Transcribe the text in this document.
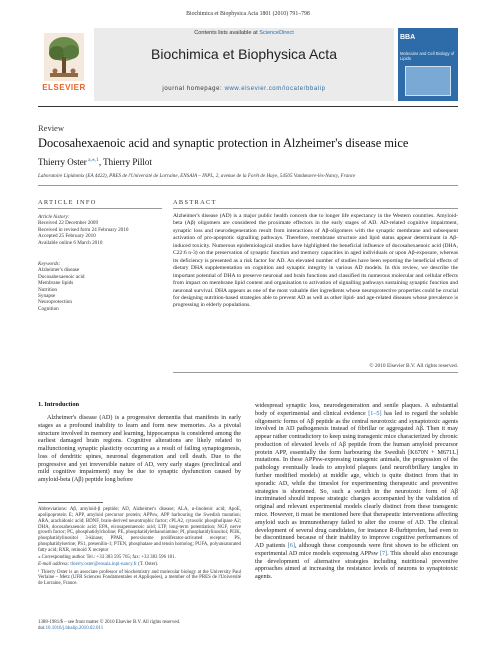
Biochimica et Biophysica Acta 1801 (2010) 791–798
ELSEVIER
Contents lists available at ScienceDirect
Biochimica et Biophysica Acta
journal homepage: www.elsevier.com/locate/bbalip
BBA
Molecular and Cell Biology of Lipids
Review
Docosahexaenoic acid and synaptic protection in Alzheimer's disease mice
Thierry Oster $^{a,⁎,1}$, Thierry Pillot
Laboratoire Lipidomix (EA 4422), PRES de l'Université de Lorraine, ENSAIA – INPL, 2, avenue de la Forêt de Haye, 54505 Vandœuvre-lès-Nancy, France
ARTICLE INFO
Article history:
Received 22 December 2009
Received in revised form 24 February 2010
Accepted 25 February 2010
Available online 6 March 2010
Keywords:
Alzheimer's disease
Docosahexaenoic acid
Membrane lipids
Nutrition
Synapse
Neuroprotection
Cognition
ABSTRACT
Alzheimer's disease (AD) is a major public health concern due to longer life expectancy in the Western countries. Amyloid-beta (Aβ) oligomers are considered the proximate effectors in the early stages of AD. AD-related cognitive impairment, synaptic loss and neurodegeneration result from interactions of Aβ-oligomers with the synaptic membrane and subsequent activation of pro-apoptotic signalling pathways. Therefore, membrane structure and lipid status appear determinant in Aβ-induced toxicity. Numerous epidemiological studies have highlighted the beneficial influence of docosahexaenoic acid (DHA, C22:6 n-3) on the preservation of synaptic function and memory capacities in aged individuals or upon Aβ-exposure, whereas its deficiency is presented as a risk factor for AD. An elevated number of studies have been reporting the beneficial effects of dietary DHA supplementation on cognition and synaptic integrity in various AD models. In this review, we describe the important potential of DHA to preserve neuronal and brain functions and classified its numerous molecular and cellular effects from impact on membrane lipid content and organisation to activation of signalling pathways sustaining synaptic function and neuronal survival. DHA appears as one of the most valuable diet ingredients whose neuroprotective properties could be crucial for designing nutrition-based strategies able to prevent AD as well as other lipid- and age-related diseases whose prevalence is progressing in elderly populations.
© 2010 Elsevier B.V. All rights reserved.
1. Introduction
Alzheimer's disease (AD) is a progressive dementia that manifests in early stages as a profound inability to learn and form new memories. As a pivotal structure involved in memory and learning, hippocampus is considered among the earliest damaged brain regions. Cognitive alterations are likely related to malfunctioning synaptic plasticity occurring as a result of failing synaptogenesis, loss of dendritic spines, neuronal degeneration and cell death. Due to the progressive and yet irreversible nature of AD, very early stages (preclinical and mild cognitive impairment) may be due to synaptic dysfunction caused by amyloid-beta (Aβ) peptide long before

Abbreviations: Aβ, amyloid-β peptide; AD, Alzheimer's disease; ALA, α-linolenic acid; ApoE, apolipoprotein E; APP, amyloid precursor protein; APPsw, APP harbouring the Swedish mutation; ARA, arachidonic acid; BDNF, brain-derived neurotrophic factor; cPLA2, cytosolic phospholipase A2; DHA, docosahexaenoic acid; EPA, eicosapentaenoic acid; LTP, long-term potentiation; NGF, nerve growth factor; PC, phosphatidylcholine; PE, phosphatidylethanolamine; PI, phosphatidylinositol; PI3K, phosphatidylinositol 3-kinase; PPAR, peroxisome proliferator-activated receptor; PS, phosphatidylserine; PS1, presenilin-1; PTEN, phosphatase and tensin homolog; PUFA, polyunsaturated fatty acid; RXR, retinoid X receptor

⁎ Corresponding author. Tel.: +33 383 595 765; fax: +33 383 596 181.

E-mail address: thierry.oster@ensaia.inpl-nancy.fr (T. Oster).

¹ Thierry Oster is an associate professor of biochemistry and molecular biology at the University Paul Verlaine – Metz (UFR Sciences Fondamentales et Appliquées), a member of the PRES de l'Université de Lorraine, France.

1388-1981/$ – see front matter © 2010 Elsevier B.V. All rights reserved.
doi:10.1016/j.bbalip.2010.02.011
widespread synaptic loss, neurodegeneration and senile plaques. A substantial body of experimental and clinical evidence [1–5] has led to regard the soluble oligomeric forms of Aβ peptide as the central neurotoxic and synaptotoxic agents involved in AD pathogenesis instead of fibrillar or aggregated Aβ. Then it may appear rather contradictory to keep using transgenic mice characterized by chronic production of elevated levels of Aβ peptide from the human amyloid precursor protein APP, essentially the form harbouring the Swedish [K670N + M671L] mutations. In these APPsw-expressing transgenic animals, the progression of the pathology eventually leads to amyloid plaques (and neurofibrillary tangles in further modified models) at middle age, which is quite distinct from that in sporadic AD, while the timeslot for experimenting therapeutic and preventive strategies is shortened. So, such a switch in the neurotoxic form of Aβ incriminated should impose strategic changes accompanied by the validation of original and relevant experimental models clearly distinct from these transgenic mice. However, it must be mentioned here that therapeutic interventions affecting amyloid such as immunotherapy failed to alter the course of AD. The clinical development of several drug candidates, for instance R-flurbiprofen, had even to be discontinued because of their inability to improve cognitive performances of AD patients [6], although these compounds were first shown to be efficient on experimental AD mice models expressing APPsw [7]. This should also encourage the development of alternative strategies including nutritional preventive approaches aimed at increasing the resistance levels of neurons to synaptotoxic agents.
